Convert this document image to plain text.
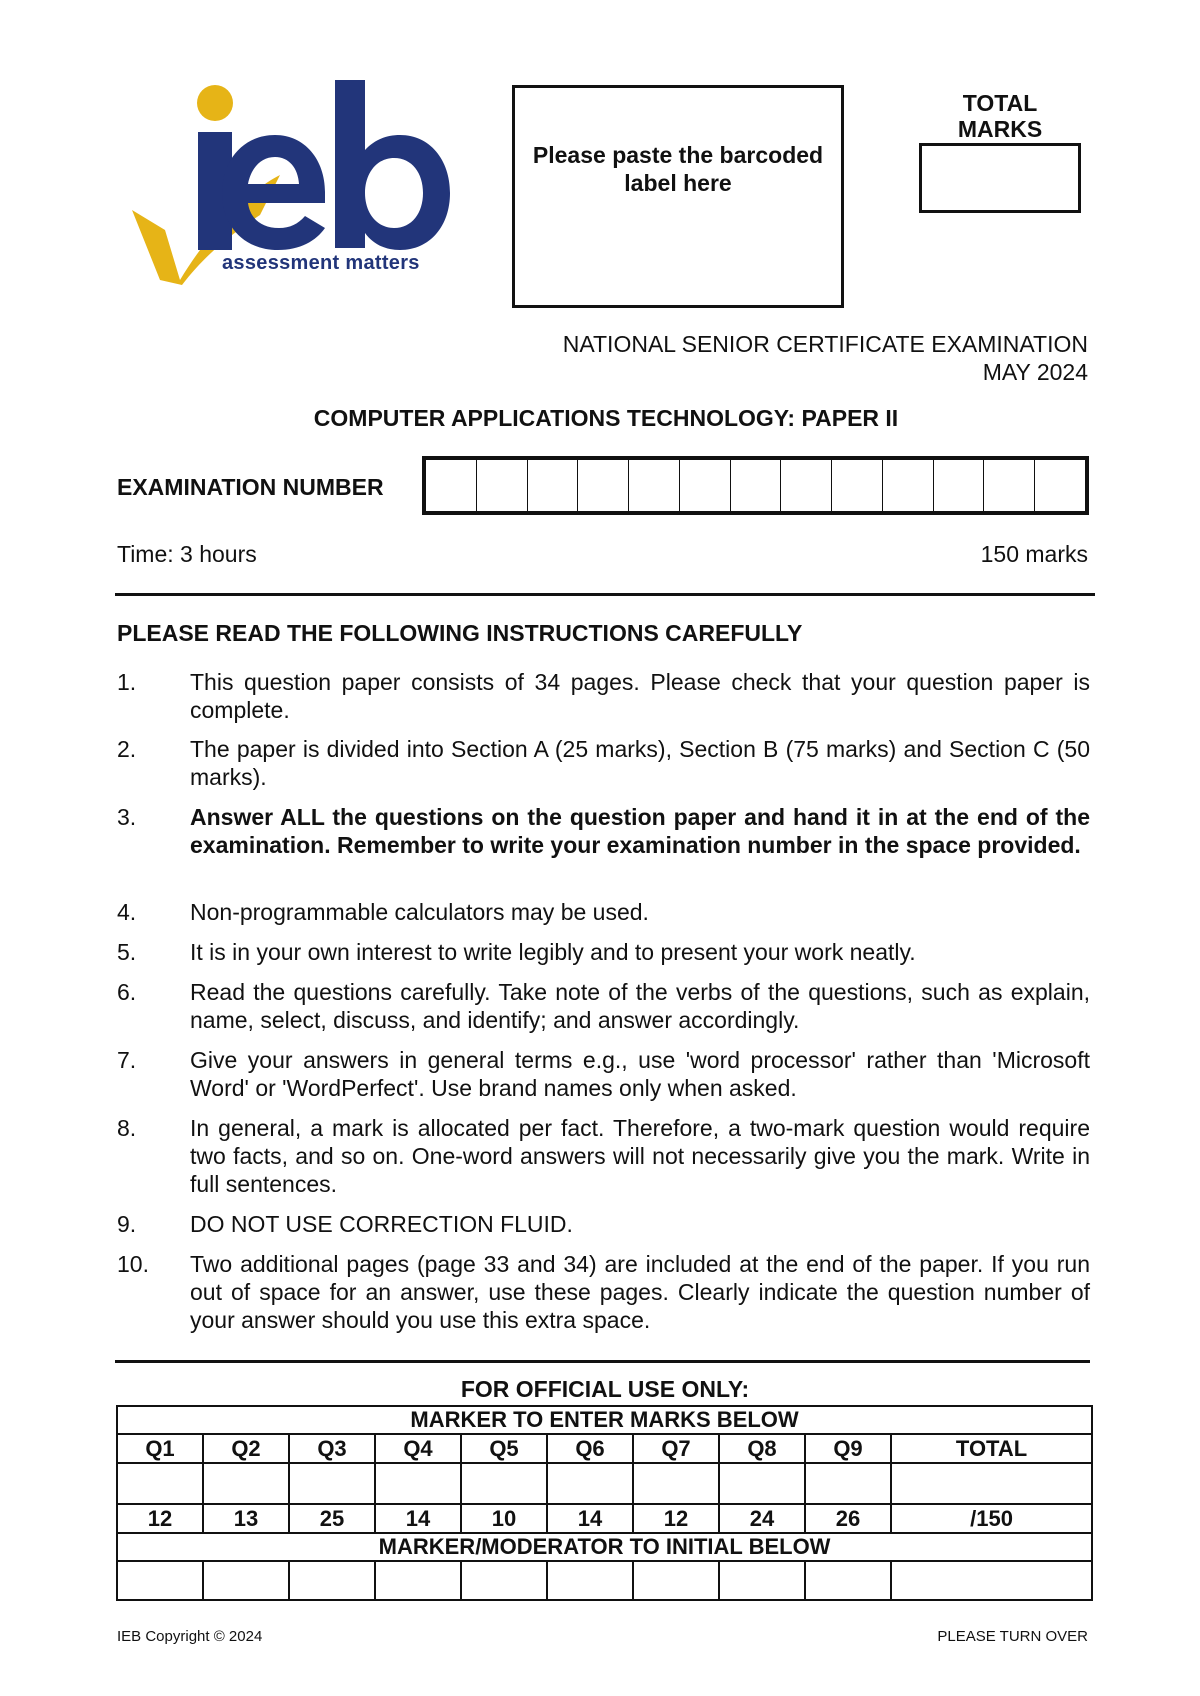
assessment matters
Please paste the barcoded label here
TOTAL MARKS
NATIONAL SENIOR CERTIFICATE EXAMINATION
MAY 2024
COMPUTER APPLICATIONS TECHNOLOGY: PAPER II
EXAMINATION NUMBER
Time: 3 hours	150 marks
PLEASE READ THE FOLLOWING INSTRUCTIONS CAREFULLY
1.	This question paper consists of 34 pages. Please check that your question paper is complete.
2.	The paper is divided into Section A (25 marks), Section B (75 marks) and Section C (50 marks).
3.	Answer ALL the questions on the question paper and hand it in at the end of the examination. Remember to write your examination number in the space provided.
4.	Non-programmable calculators may be used.
5.	It is in your own interest to write legibly and to present your work neatly.
6.	Read the questions carefully. Take note of the verbs of the questions, such as explain, name, select, discuss, and identify; and answer accordingly.
7.	Give your answers in general terms e.g., use 'word processor' rather than 'Microsoft Word' or 'WordPerfect'. Use brand names only when asked.
8.	In general, a mark is allocated per fact. Therefore, a two-mark question would require two facts, and so on. One-word answers will not necessarily give you the mark. Write in full sentences.
9.	DO NOT USE CORRECTION FLUID.
10.	Two additional pages (page 33 and 34) are included at the end of the paper. If you run out of space for an answer, use these pages. Clearly indicate the question number of your answer should you use this extra space.
FOR OFFICIAL USE ONLY:
MARKER TO ENTER MARKS BELOW									
Q1	Q2	Q3	Q4	Q5	Q6	Q7	Q8	Q9	TOTAL

12	13	25	14	10	14	12	24	26	/150
MARKER/MODERATOR TO INITIAL BELOW									

IEB Copyright © 2024	PLEASE TURN OVER
